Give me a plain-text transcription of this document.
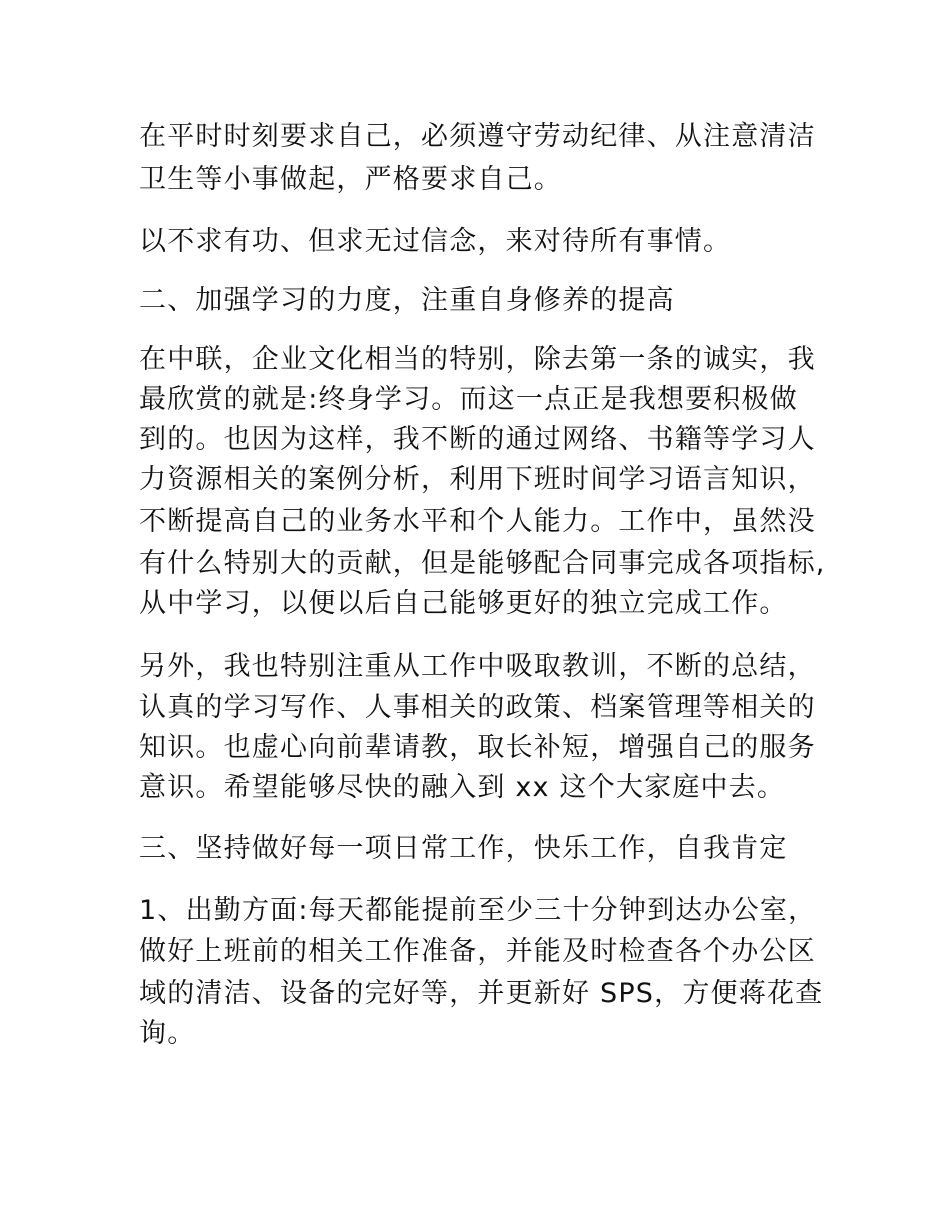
在平时时刻要求自己，必须遵守劳动纪律、从注意清洁

卫生等小事做起，严格要求自己。

以不求有功、但求无过信念，来对待所有事情。

二、加强学习的力度，注重自身修养的提高

在中联，企业文化相当的特别，除去第一条的诚实，我

最欣赏的就是:终身学习。而这一点正是我想要积极做

到的。也因为这样，我不断的通过网络、书籍等学习人

力资源相关的案例分析，利用下班时间学习语言知识，

不断提高自己的业务水平和个人能力。工作中，虽然没

有什么特别大的贡献，但是能够配合同事完成各项指标,

从中学习，以便以后自己能够更好的独立完成工作。

另外，我也特别注重从工作中吸取教训，不断的总结，

认真的学习写作、人事相关的政策、档案管理等相关的

知识。也虚心向前辈请教，取长补短，增强自己的服务

意识。希望能够尽快的融入到 xx 这个大家庭中去。

三、坚持做好每一项日常工作，快乐工作，自我肯定

1、出勤方面:每天都能提前至少三十分钟到达办公室，

做好上班前的相关工作准备，并能及时检查各个办公区

域的清洁、设备的完好等，并更新好 SPS，方便蒋花查

询。
